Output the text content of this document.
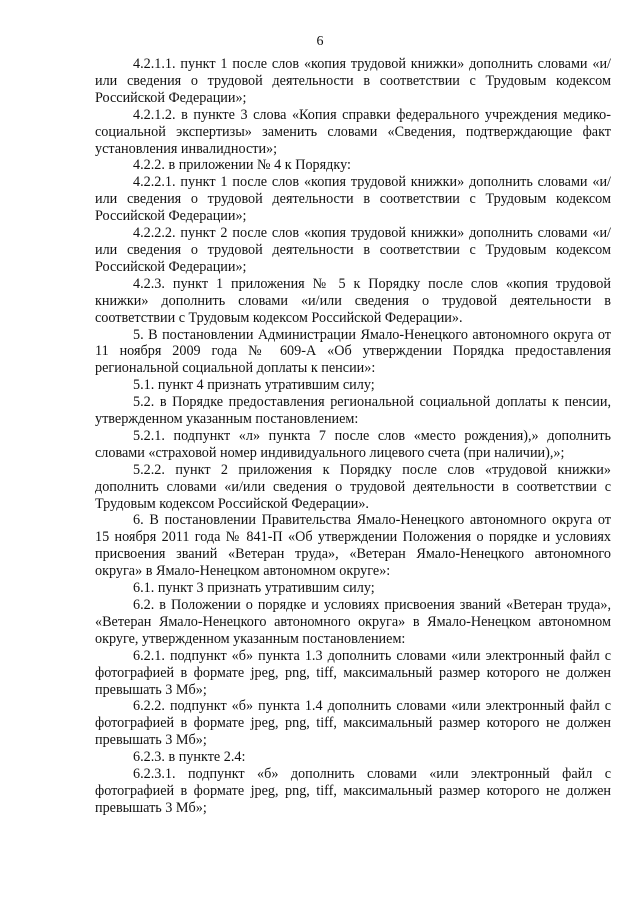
6

4.2.1.1. пункт 1 после слов «копия трудовой книжки» дополнить словами «и/или сведения о трудовой деятельности в соответствии с Трудовым кодексом Российской Федерации»;

4.2.1.2. в пункте 3 слова «Копия справки федерального учреждения медико-социальной экспертизы» заменить словами «Сведения, подтверждающие факт установления инвалидности»;

4.2.2. в приложении № 4 к Порядку:

4.2.2.1. пункт 1 после слов «копия трудовой книжки» дополнить словами «и/или сведения о трудовой деятельности в соответствии с Трудовым кодексом Российской Федерации»;

4.2.2.2. пункт 2 после слов «копия трудовой книжки» дополнить словами «и/или сведения о трудовой деятельности в соответствии с Трудовым кодексом Российской Федерации»;

4.2.3. пункт 1 приложения № 5 к Порядку после слов «копия трудовой книжки» дополнить словами «и/или сведения о трудовой деятельности в соответствии с Трудовым кодексом Российской Федерации».

5. В постановлении Администрации Ямало-Ненецкого автономного округа от 11 ноября 2009 года № 609-А «Об утверждении Порядка предоставления региональной социальной доплаты к пенсии»:

5.1. пункт 4 признать утратившим силу;

5.2. в Порядке предоставления региональной социальной доплаты к пенсии, утвержденном указанным постановлением:

5.2.1. подпункт «л» пункта 7 после слов «место рождения),» дополнить словами «страховой номер индивидуального лицевого счета (при наличии),»;

5.2.2. пункт 2 приложения к Порядку после слов «трудовой книжки» дополнить словами «и/или сведения о трудовой деятельности в соответствии с Трудовым кодексом Российской Федерации».

6. В постановлении Правительства Ямало-Ненецкого автономного округа от 15 ноября 2011 года № 841-П «Об утверждении Положения о порядке и условиях присвоения званий «Ветеран труда», «Ветеран Ямало-Ненецкого автономного округа» в Ямало-Ненецком автономном округе»:

6.1. пункт 3 признать утратившим силу;

6.2. в Положении о порядке и условиях присвоения званий «Ветеран труда», «Ветеран Ямало-Ненецкого автономного округа» в Ямало-Ненецком автономном округе, утвержденном указанным постановлением:

6.2.1. подпункт «б» пункта 1.3 дополнить словами «или электронный файл с фотографией в формате jpeg, png, tiff, максимальный размер которого не должен превышать 3 Мб»;

6.2.2. подпункт «б» пункта 1.4 дополнить словами «или электронный файл с фотографией в формате jpeg, png, tiff, максимальный размер которого не должен превышать 3 Мб»;

6.2.3. в пункте 2.4:

6.2.3.1. подпункт «б» дополнить словами «или электронный файл с фотографией в формате jpeg, png, tiff, максимальный размер которого не должен превышать 3 Мб»;
